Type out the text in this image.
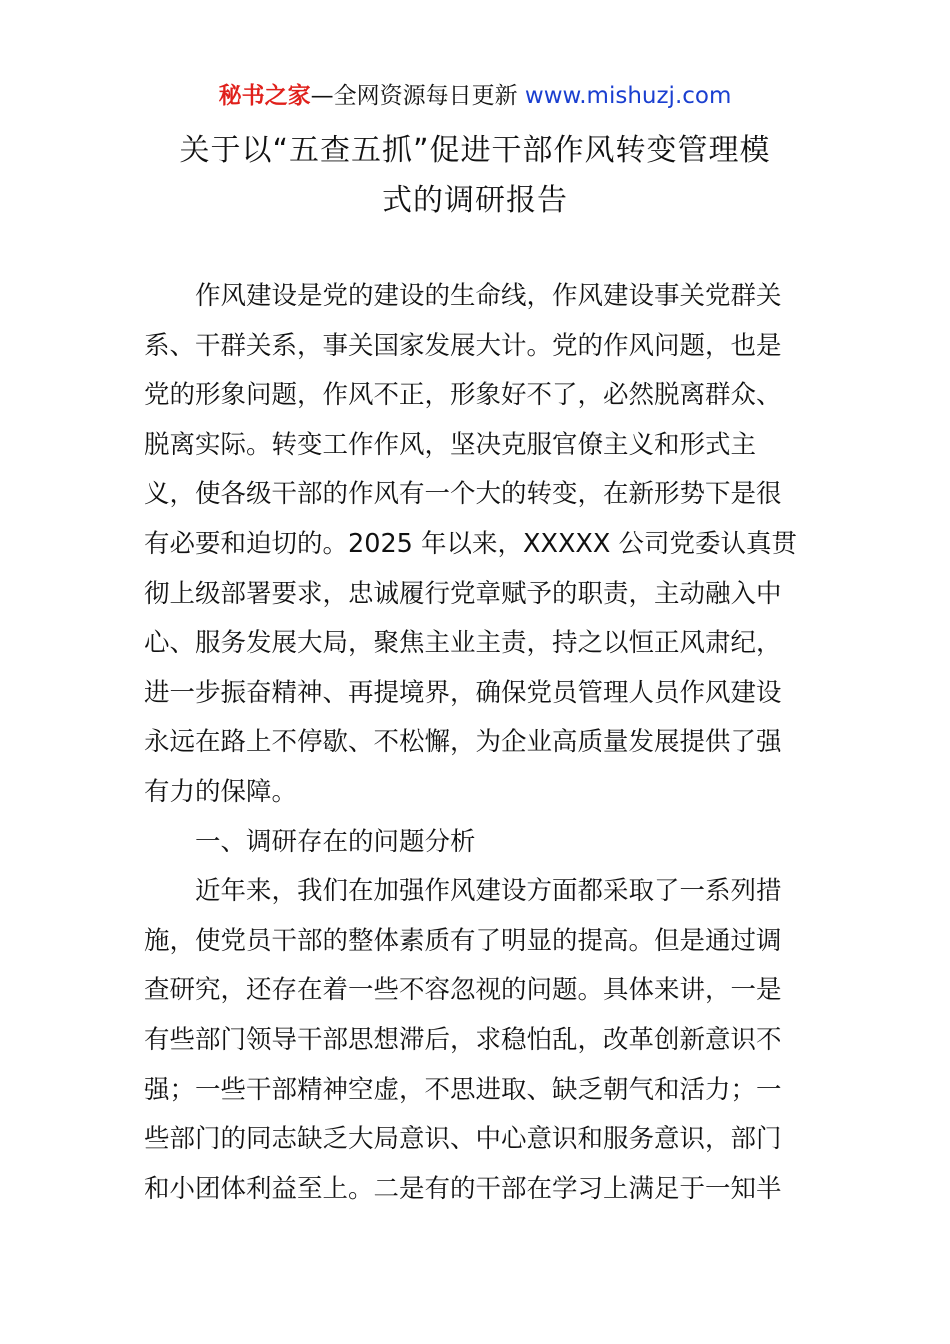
秘书之家—全网资源每日更新 www.mishuzj.com
关于以“五查五抓”促进干部作风转变管理模
式的调研报告
作风建设是党的建设的生命线，作风建设事关党群关
系、干群关系，事关国家发展大计。党的作风问题，也是
党的形象问题，作风不正，形象好不了，必然脱离群众、
脱离实际。转变工作作风，坚决克服官僚主义和形式主
义，使各级干部的作风有一个大的转变，在新形势下是很
有必要和迫切的。2025 年以来，XXXXX 公司党委认真贯
彻上级部署要求，忠诚履行党章赋予的职责，主动融入中
心、服务发展大局，聚焦主业主责，持之以恒正风肃纪，
进一步振奋精神、再提境界，确保党员管理人员作风建设
永远在路上不停歇、不松懈，为企业高质量发展提供了强
有力的保障。
一、调研存在的问题分析
近年来，我们在加强作风建设方面都采取了一系列措
施，使党员干部的整体素质有了明显的提高。但是通过调
查研究，还存在着一些不容忽视的问题。具体来讲，一是
有些部门领导干部思想滞后，求稳怕乱，改革创新意识不
强；一些干部精神空虚，不思进取、缺乏朝气和活力；一
些部门的同志缺乏大局意识、中心意识和服务意识，部门
和小团体利益至上。二是有的干部在学习上满足于一知半
